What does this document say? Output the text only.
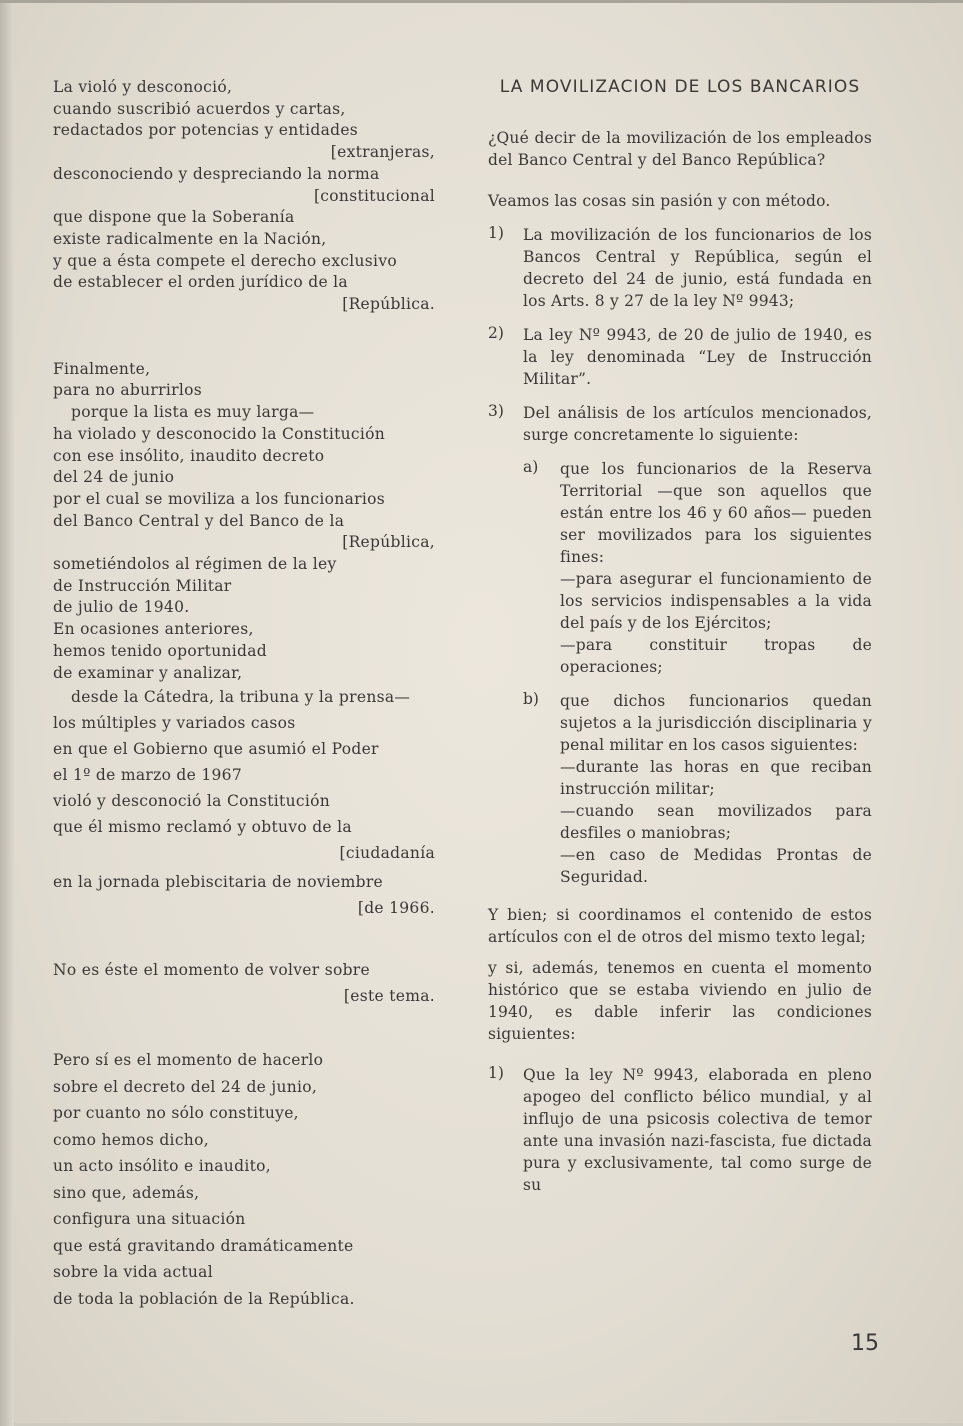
La violó y desconoció,
cuando suscribió acuerdos y cartas,
redactados por potencias y entidades
[extranjeras,
desconociendo y despreciando la norma
[constitucional
que dispone que la Soberanía
existe radicalmente en la Nación,
y que a ésta compete el derecho exclusivo
de establecer el orden jurídico de la
[República.
Finalmente,
para no aburrirlos
porque la lista es muy larga—
ha violado y desconocido la Constitución
con ese insólito, inaudito decreto
del 24 de junio
por el cual se moviliza a los funcionarios
del Banco Central y del Banco de la
[República,
sometiéndolos al régimen de la ley
de Instrucción Militar
de julio de 1940.
En ocasiones anteriores,
hemos tenido oportunidad
de examinar y analizar,
desde la Cátedra, la tribuna y la prensa—
los múltiples y variados casos
en que el Gobierno que asumió el Poder
el 1º de marzo de 1967
violó y desconoció la Constitución
que él mismo reclamó y obtuvo de la
[ciudadanía
en la jornada plebiscitaria de noviembre
[de 1966.
No es éste el momento de volver sobre
[este tema.
Pero sí es el momento de hacerlo
sobre el decreto del 24 de junio,
por cuanto no sólo constituye,
como hemos dicho,
un acto insólito e inaudito,
sino que, además,
configura una situación
que está gravitando dramáticamente
sobre la vida actual
de toda la población de la República.
LA MOVILIZACION DE LOS BANCARIOS

¿Qué decir de la movilización de los empleados del Banco Central y del Banco República?

Veamos las cosas sin pasión y con método.

1) La movilización de los funcionarios de los Bancos Central y República, según el decreto del 24 de junio, está fundada en los Arts. 8 y 27 de la ley Nº 9943;

2) La ley Nº 9943, de 20 de julio de 1940, es la ley denominada “Ley de Instrucción Militar”.

3) Del análisis de los artículos mencionados, surge concretamente lo siguiente:

a) que los funcionarios de la Reserva Territorial —que son aquellos que están entre los 46 y 60 años— pueden ser movilizados para los siguientes fines:

—para asegurar el funcionamiento de los servicios indispensables a la vida del país y de los Ejércitos;

—para constituir tropas de operaciones;

b) que dichos funcionarios quedan sujetos a la jurisdicción disciplinaria y penal militar en los casos siguientes:

—durante las horas en que reciban instrucción militar;

—cuando sean movilizados para desfiles o maniobras;

—en caso de Medidas Prontas de Seguridad.

Y bien; si coordinamos el contenido de estos artículos con el de otros del mismo texto legal;

y si, además, tenemos en cuenta el momento histórico que se estaba viviendo en julio de 1940, es dable inferir las condiciones siguientes:

1) Que la ley Nº 9943, elaborada en pleno apogeo del conflicto bélico mundial, y al influjo de una psicosis colectiva de temor ante una invasión nazi-fascista, fue dictada pura y exclusivamente, tal como surge de su

15
